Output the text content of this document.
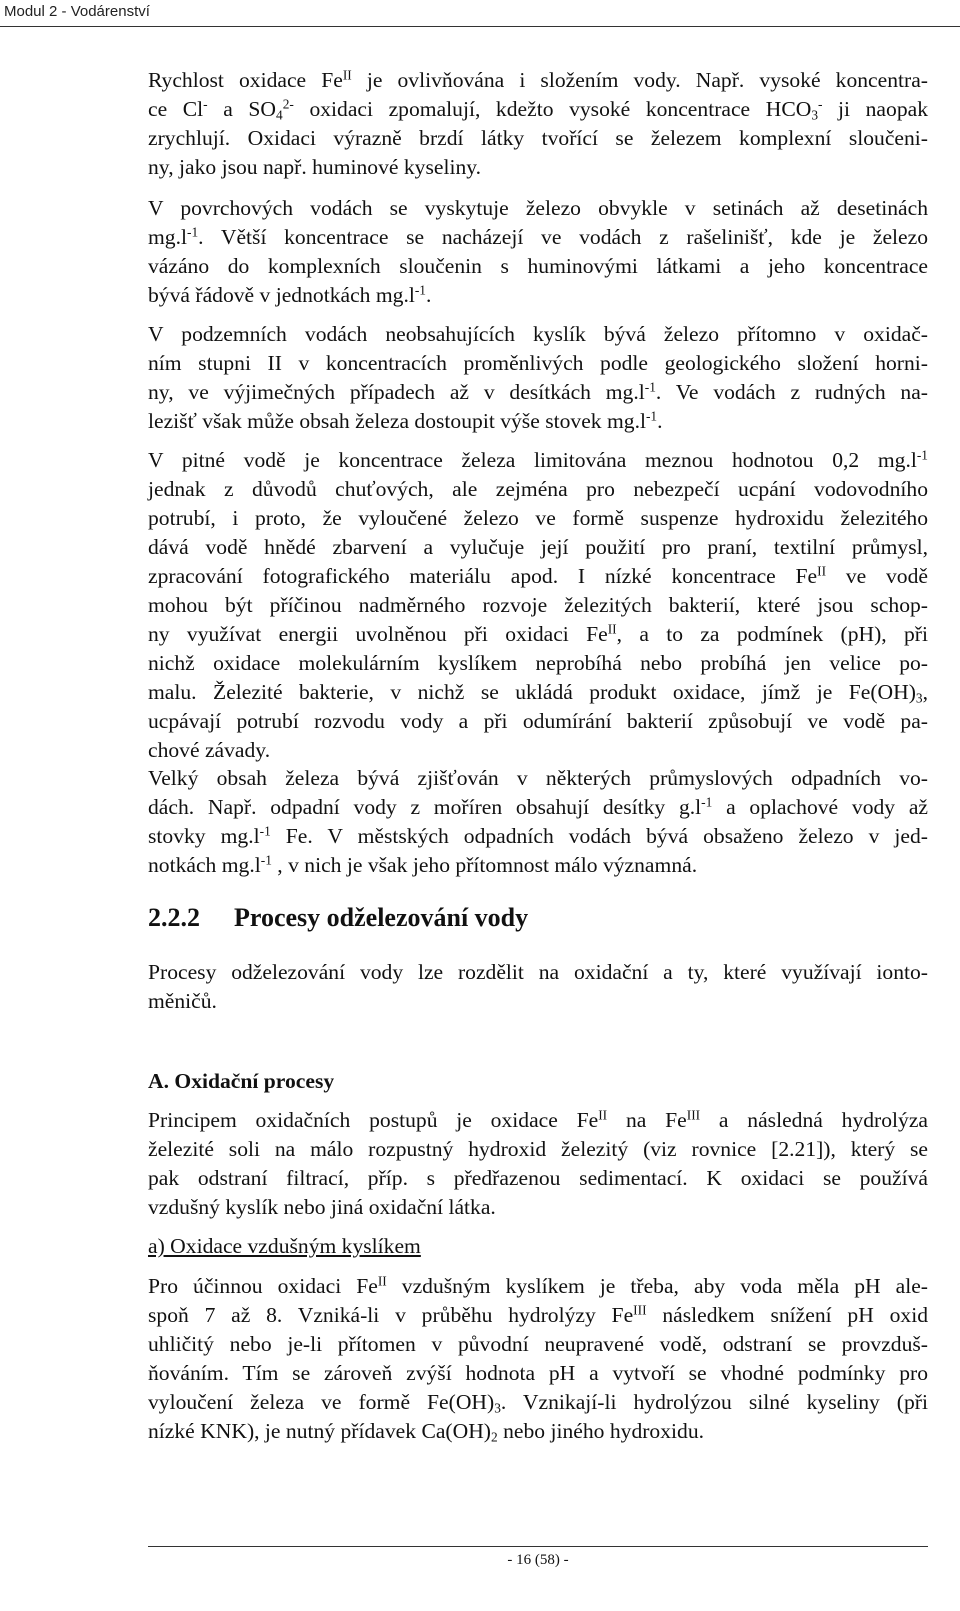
Modul 2 - Vodárenství
Rychlost oxidace $Fe^{II}$ je ovlivňována i složením vody. Např. vysoké koncentra-
ce Cl- a $SO_4^{2-}$ oxidaci zpomalují, kdežto vysoké koncentrace $HCO_3^-$ ji naopak
zrychlují. Oxidaci výrazně brzdí látky tvořící se železem komplexní sloučeni-
ny, jako jsou např. huminové kyseliny.
V povrchových vodách se vyskytuje železo obvykle v setinách až desetinách
$mg.l^{-1}$. Větší koncentrace se nacházejí ve vodách z rašelinišť, kde je železo
vázáno do komplexních sloučenin s huminovými látkami a jeho koncentrace
bývá řádově v jednotkách $mg.l^{-1}$.
V podzemních vodách neobsahujících kyslík bývá železo přítomno v oxidač-
ním stupni II v koncentracích proměnlivých podle geologického složení horni-
ny, ve výjimečných případech až v desítkách $mg.l^{-1}$. Ve vodách z rudných na-
lezišť však může obsah železa dostoupit výše stovek $mg.l^{-1}$.
V pitné vodě je koncentrace železa limitována meznou hodnotou 0,2 $mg.l^{-1}$
jednak z důvodů chuťových, ale zejména pro nebezpečí ucpání vodovodního
potrubí, i proto, že vyloučené železo ve formě suspenze hydroxidu železitého
dává vodě hnědé zbarvení a vylučuje její použití pro praní, textilní průmysl,
zpracování fotografického materiálu apod. I nízké koncentrace $Fe^{II}$ ve vodě
mohou být příčinou nadměrného rozvoje železitých bakterií, které jsou schop-
ny využívat energii uvolněnou při oxidaci $Fe^{II}$, a to za podmínek (pH), při
nichž oxidace molekulárním kyslíkem neprobíhá nebo probíhá jen velice po-
malu. Železité bakterie, v nichž se ukládá produkt oxidace, jímž je $Fe(OH)_3$,
ucpávají potrubí rozvodu vody a při odumírání bakterií způsobují ve vodě pa-
chové závady.
Velký obsah železa bývá zjišťován v některých průmyslových odpadních vo-
dách. Např. odpadní vody z moříren obsahují desítky $g.l^{-1}$ a oplachové vody až
stovky $mg.l^{-1}$ Fe. V městských odpadních vodách bývá obsaženo železo v jed-
notkách $mg.l^{-1}$ , v nich je však jeho přítomnost málo významná.
2.2.2 Procesy odželezování vody
Procesy odželezování vody lze rozdělit na oxidační a ty, které využívají ionto-
měničů.
A. Oxidační procesy
Principem oxidačních postupů je oxidace $Fe^{II}$ na $Fe^{III}$ a následná hydrolýza
železité soli na málo rozpustný hydroxid železitý (viz rovnice [2.21]), který se
pak odstraní filtrací, příp. s předřazenou sedimentací. K oxidaci se používá
vzdušný kyslík nebo jiná oxidační látka.
a) Oxidace vzdušným kyslíkem
Pro účinnou oxidaci $Fe^{II}$ vzdušným kyslíkem je třeba, aby voda měla pH ale-
spoň 7 až 8. Vzniká-li v průběhu hydrolýzy $Fe^{III}$ následkem snížení pH oxid
uhličitý nebo je-li přítomen v původní neupravené vodě, odstraní se provzduš-
ňováním. Tím se zároveň zvýší hodnota pH a vytvoří se vhodné podmínky pro
vyloučení železa ve formě $Fe(OH)_3$. Vznikají-li hydrolýzou silné kyseliny (při
nízké KNK), je nutný přídavek $Ca(OH)_2$ nebo jiného hydroxidu.
- 16 (58) -
